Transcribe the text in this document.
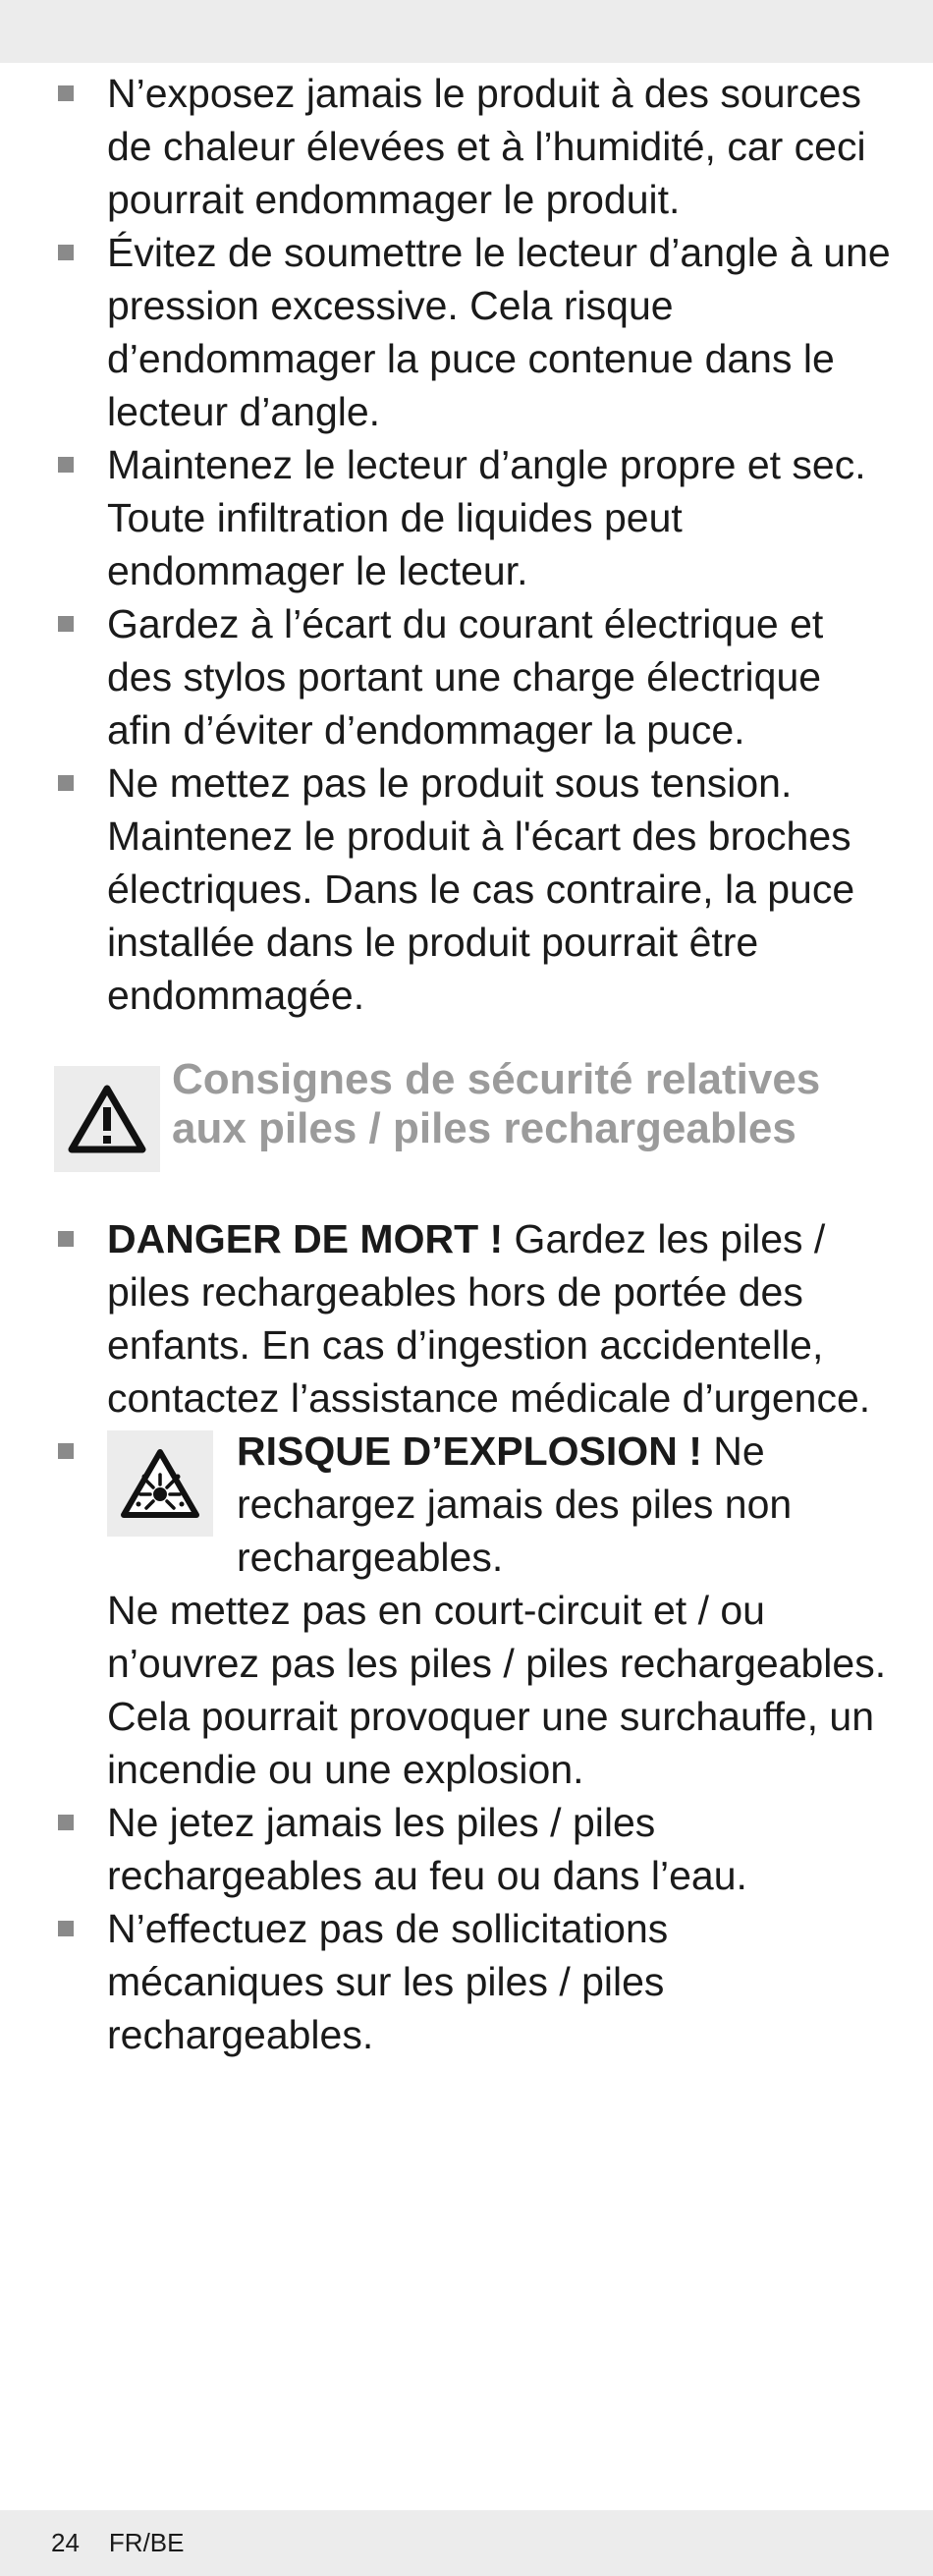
N’exposez jamais le produit à des sources de chaleur élevées et à l’humidité, car ceci pourrait endommager le produit.

Évitez de soumettre le lecteur d’angle à une pression excessive. Cela risque d’endommager la puce contenue dans le lecteur d’angle.

Maintenez le lecteur d’angle propre et sec. Toute infiltration de liquides peut endommager le lecteur.

Gardez à l’écart du courant électrique et des stylos portant une charge électrique afin d’éviter d’endommager la puce.

Ne mettez pas le produit sous tension. Maintenez le produit à l'écart des broches électriques. Dans le cas contraire, la puce installée dans le produit pourrait être endommagée.

Consignes de sécurité relatives aux piles / piles rechargeables

DANGER DE MORT ! Gardez les piles / piles rechargeables hors de portée des enfants. En cas d’ingestion accidentelle, contactez l’assistance médicale d’urgence.

RISQUE D’EXPLOSION ! Ne rechargez jamais des piles non rechargeables.
Ne mettez pas en court-circuit et / ou n’ouvrez pas les piles / piles rechargeables. Cela pourrait provoquer une surchauffe, un incendie ou une explosion.

Ne jetez jamais les piles / piles rechargeables au feu ou dans l’eau.

N’effectuez pas de sollicitations mécaniques sur les piles / piles rechargeables.

24 FR/BE
